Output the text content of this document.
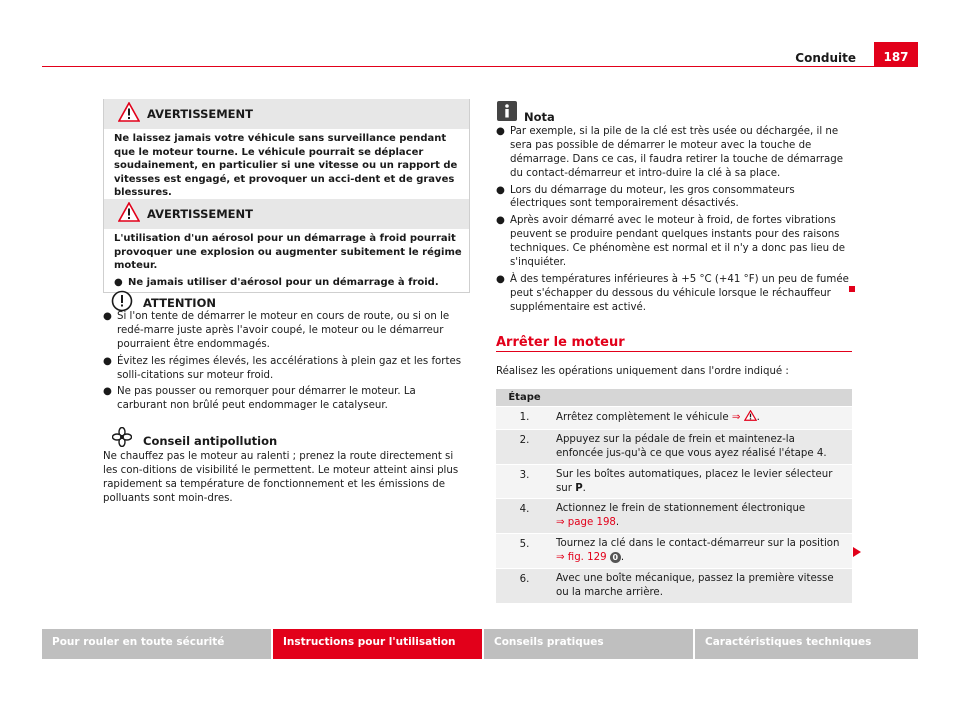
Conduite	187
AVERTISSEMENT

Ne laissez jamais votre véhicule sans surveillance pendant que le moteur tourne. Le véhicule pourrait se déplacer soudainement, en particulier si une vitesse ou un rapport de vitesses est engagé, et provoquer un acci-dent et de graves blessures.

AVERTISSEMENT

L'utilisation d'un aérosol pour un démarrage à froid pourrait provoquer une explosion ou augmenter subitement le régime moteur.

● Ne jamais utiliser d'aérosol pour un démarrage à froid.
ATTENTION
● Si l'on tente de démarrer le moteur en cours de route, ou si on le redé-marre juste après l'avoir coupé, le moteur ou le démarreur pourraient être endommagés.
● Évitez les régimes élevés, les accélérations à plein gaz et les fortes solli-citations sur moteur froid.
● Ne pas pousser ou remorquer pour démarrer le moteur. La carburant non brûlé peut endommager le catalyseur.
Conseil antipollution
Ne chauffez pas le moteur au ralenti ; prenez la route directement si les con-ditions de visibilité le permettent. Le moteur atteint ainsi plus rapidement sa température de fonctionnement et les émissions de polluants sont moin-dres.
Nota
● Par exemple, si la pile de la clé est très usée ou déchargée, il ne sera pas possible de démarrer le moteur avec la touche de démarrage. Dans ce cas, il faudra retirer la touche de démarrage du contact-démarreur et intro-duire la clé à sa place.
● Lors du démarrage du moteur, les gros consommateurs électriques sont temporairement désactivés.
● Après avoir démarré avec le moteur à froid, de fortes vibrations peuvent se produire pendant quelques instants pour des raisons techniques. Ce phénomène est normal et il n'y a donc pas lieu de s'inquiéter.
● À des températures inférieures à +5 °C (+41 °F) un peu de fumée peut s'échapper du dessous du véhicule lorsque le réchauffeur supplémentaire est activé.
Arrêter le moteur
Réalisez les opérations uniquement dans l'ordre indiqué :
Étape
1.	Arrêtez complètement le véhicule ⇒ .
2.	Appuyez sur la pédale de frein et maintenez-la enfoncée jus-qu'à ce que vous ayez réalisé l'étape 4.
3.	Sur les boîtes automatiques, placez le levier sélecteur sur P.
4.	Actionnez le frein de stationnement électronique
⇒ page 198.
5.	Tournez la clé dans le contact-démarreur sur la position
⇒ fig. 129 0 .
6.	Avec une boîte mécanique, passez la première vitesse ou la marche arrière.
Pour rouler en toute sécurité	Instructions pour l'utilisation	Conseils pratiques	Caractéristiques techniques
